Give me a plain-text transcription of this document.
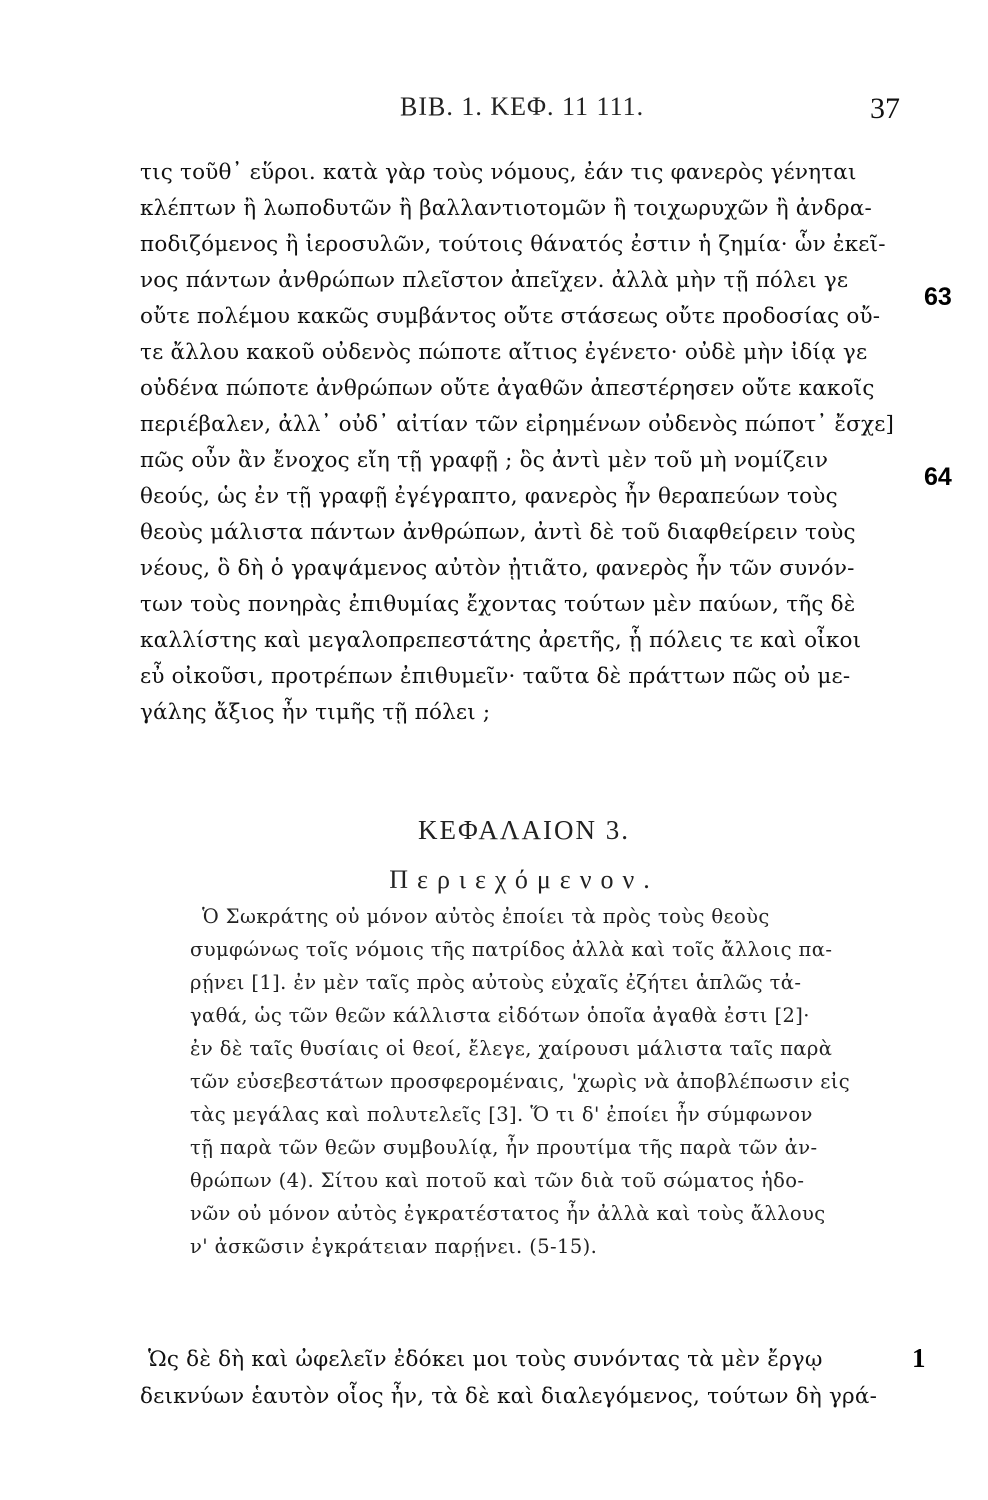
ΒΙΒ. 1. ΚΕΦ. 11 111.	37
τις τοῦθ᾽ εὕροι. κατὰ γὰρ τοὺς νόμους, ἐάν τις φανερὸς γένηται
κλέπτων ἢ λωποδυτῶν ἢ βαλλαντιοτομῶν ἢ τοιχωρυχῶν ἢ ἀνδρα-
ποδιζόμενος ἢ ἱεροσυλῶν, τούτοις θάνατός ἐστιν ἡ ζημία· ὧν ἐκεῖ-
νος πάντων ἀνθρώπων πλεῖστον ἀπεῖχεν. ἀλλὰ μὴν τῇ πόλει γε
οὔτε πολέμου κακῶς συμβάντος οὔτε στάσεως οὔτε προδοσίας οὔ-
τε ἄλλου κακοῦ οὐδενὸς πώποτε αἴτιος ἐγένετο· οὐδὲ μὴν ἰδίᾳ γε
οὐδένα πώποτε ἀνθρώπων οὔτε ἀγαθῶν ἀπεστέρησεν οὔτε κακοῖς
περιέβαλεν, ἀλλ᾽ οὐδ᾽ αἰτίαν τῶν εἰρημένων οὐδενὸς πώποτ᾽ ἔσχε]
πῶς οὖν ἂν ἔνοχος εἴη τῇ γραφῇ ; ὃς ἀντὶ μὲν τοῦ μὴ νομίζειν
θεούς, ὡς ἐν τῇ γραφῇ ἐγέγραπτο, φανερὸς ἦν θεραπεύων τοὺς
θεοὺς μάλιστα πάντων ἀνθρώπων, ἀντὶ δὲ τοῦ διαφθείρειν τοὺς
νέους, ὃ δὴ ὁ γραψάμενος αὐτὸν ᾐτιᾶτο, φανερὸς ἦν τῶν συνόν-
των τοὺς πονηρὰς ἐπιθυμίας ἔχοντας τούτων μὲν παύων, τῆς δὲ
καλλίστης καὶ μεγαλοπρεπεστάτης ἀρετῆς, ᾗ πόλεις τε καὶ οἶκοι
εὖ οἰκοῦσι, προτρέπων ἐπιθυμεῖν· ταῦτα δὲ πράττων πῶς οὐ με-
γάλης ἄξιος ἦν τιμῆς τῇ πόλει ;
63
64
ΚΕΦΑΛΑΙΟΝ 3.
Περιεχόμενον.
Ὁ Σωκράτης οὐ μόνον αὐτὸς ἐποίει τὰ πρὸς τοὺς θεοὺς
συμφώνως τοῖς νόμοις τῆς πατρίδος ἀλλὰ καὶ τοῖς ἄλλοις πα-
ρῄνει [1]. ἐν μὲν ταῖς πρὸς αὐτοὺς εὐχαῖς ἐζήτει ἁπλῶς τἀ-
γαθά, ὡς τῶν θεῶν κάλλιστα εἰδότων ὁποῖα ἀγαθὰ ἐστι [2]·
ἐν δὲ ταῖς θυσίαις οἱ θεοί, ἔλεγε, χαίρουσι μάλιστα ταῖς παρὰ
τῶν εὐσεβεστάτων προσφερομέναις, 'χωρὶς νὰ ἀποβλέπωσιν εἰς
τὰς μεγάλας καὶ πολυτελεῖς [3]. Ὅ τι δ' ἐποίει ἦν σύμφωνον
τῇ παρὰ τῶν θεῶν συμβουλίᾳ, ἦν προυτίμα τῆς παρὰ τῶν ἀν-
θρώπων (4). Σίτου καὶ ποτοῦ καὶ τῶν διὰ τοῦ σώματος ἡδο-
νῶν οὐ μόνον αὐτὸς ἐγκρατέστατος ἦν ἀλλὰ καὶ τοὺς ἄλλους
ν' ἀσκῶσιν ἐγκράτειαν παρῄνει. (5-15).
Ὡς δὲ δὴ καὶ ὠφελεῖν ἐδόκει μοι τοὺς συνόντας τὰ μὲν ἔργῳ
δεικνύων ἑαυτὸν οἷος ἦν, τὰ δὲ καὶ διαλεγόμενος, τούτων δὴ γρά-
1
